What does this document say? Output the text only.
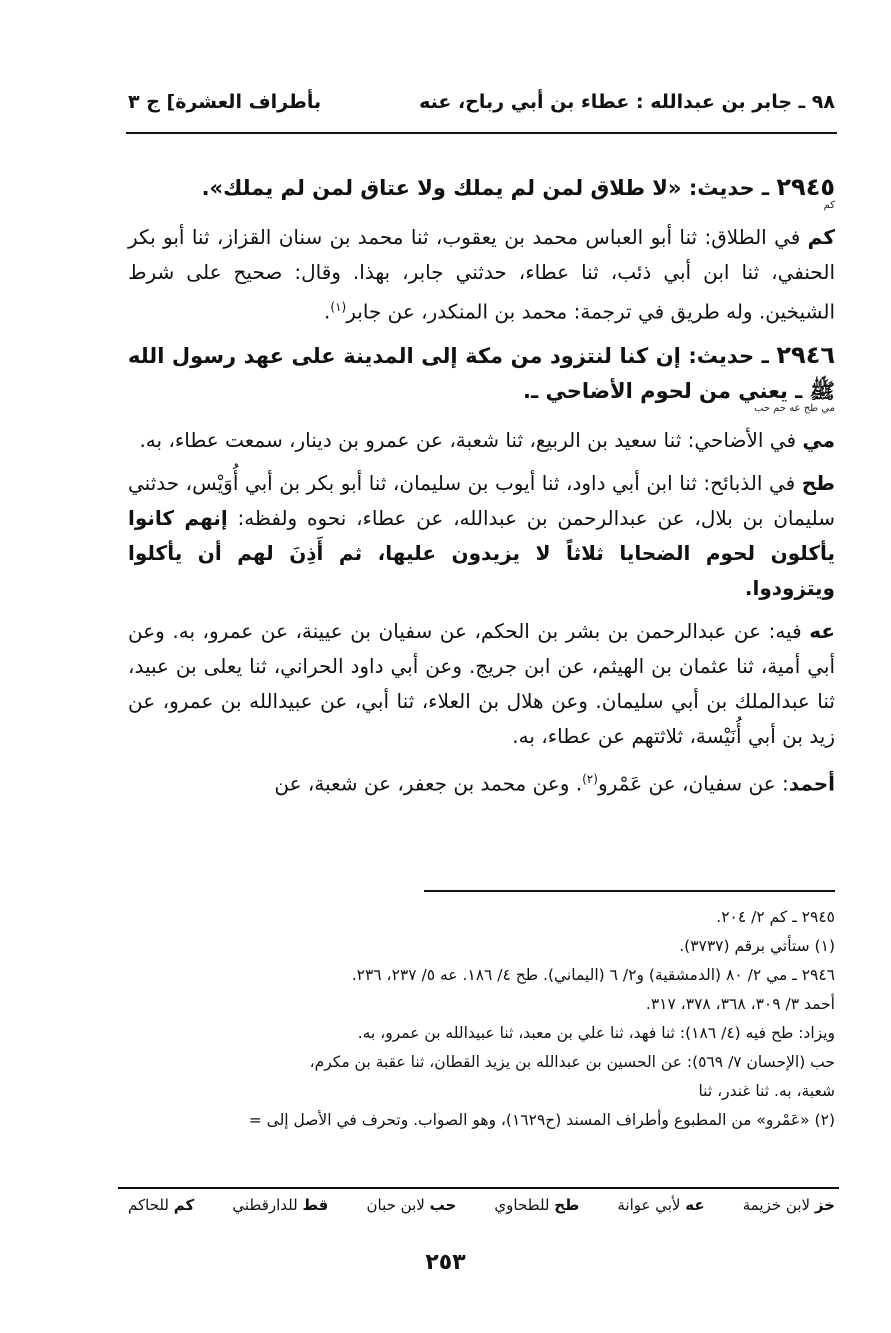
٩٨ ـ جابر بن عبدالله : عطاء بن أبي رباح، عنه
بأطراف العشرة] ج ٣

٢٩٤٥ ـ حديث: «لا طلاق لمن لم يملك ولا عتاق لمن لم يملك».
كم

كم في الطلاق: ثنا أبو العباس محمد بن يعقوب، ثنا محمد بن سنان القزاز، ثنا أبو بكر الحنفي، ثنا ابن أبي ذئب، ثنا عطاء، حدثني جابر، بهذا. وقال: صحيح على شرط الشيخين. وله طريق في ترجمة: محمد بن المنكدر، عن جابر$^{(١)}$.

٢٩٤٦ ـ حديث: إن كنا لنتزود من مكة إلى المدينة على عهد رسول الله ﷺ ـ يعني من لحوم الأضاحي ـ.
مي طح عه حم حب

مي في الأضاحي: ثنا سعيد بن الربيع، ثنا شعبة، عن عمرو بن دينار، سمعت عطاء، به.

طح في الذبائح: ثنا ابن أبي داود، ثنا أيوب بن سليمان، ثنا أبو بكر بن أبي أُوَيْس، حدثني سليمان بن بلال، عن عبدالرحمن بن عبدالله، عن عطاء، نحوه ولفظه: إنهم كانوا يأكلون لحوم الضحايا ثلاثاً لا يزيدون عليها، ثم أَذِنَ لهم أن يأكلوا ويتزودوا.

عه فيه: عن عبدالرحمن بن بشر بن الحكم، عن سفيان بن عيينة، عن عمرو، به. وعن أبي أمية، ثنا عثمان بن الهيثم، عن ابن جريج. وعن أبي داود الحراني، ثنا يعلى بن عبيد، ثنا عبدالملك بن أبي سليمان. وعن هلال بن العلاء، ثنا أبي، عن عبيدالله بن عمرو، عن زيد بن أبي أُنَيْسة، ثلاثتهم عن عطاء، به.

أحمد: عن سفيان، عن عَمْرو$^{(٢)}$. وعن محمد بن جعفر، عن شعبة، عن

٢٩٤٥ ـ كم ٢/ ٢٠٤.
(١) ستأتي برقم (٣٧٣٧).
٢٩٤٦ ـ مي ٢/ ٨٠ (الدمشقية) و٢/ ٦ (اليماني). طح ٤/ ١٨٦. عه ٥/ ٢٣٧، ٢٣٦.
أحمد ٣/ ٣٠٩، ٣٦٨، ٣٧٨، ٣١٧.
ويزاد: طح فيه (٤/ ١٨٦): ثنا فهد، ثنا علي بن معبد، ثنا عبيدالله بن عمرو، به.
حب (الإحسان ٧/ ٥٦٩): عن الحسين بن عبدالله بن يزيد القطان، ثنا عقبة بن مكرم،
شعبة، به. ثنا غندر، ثنا
(٢) «عَمْرو» من المطبوع وأطراف المسند (ح١٦٢٩)، وهو الصواب. وتحرف في الأصل إلى =
خز لابن خزيمة
عه لأبي عوانة
طح للطحاوي
حب لابن حبان
قط للدارقطني
كم للحاكم
٢٥٣
